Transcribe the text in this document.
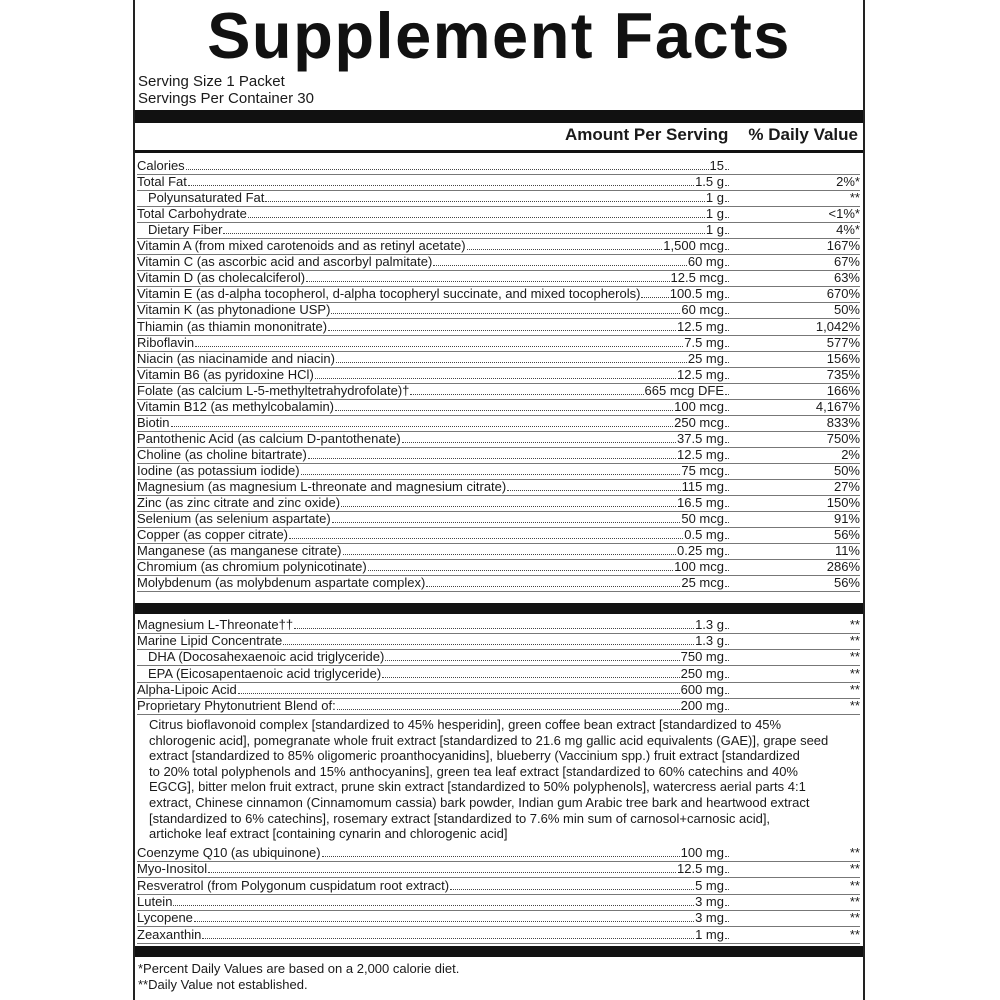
Supplement Facts
Serving Size 1 Packet
Servings Per Container 30
Amount Per Serving % Daily Value
Calories	15
Total Fat	1.5 g	2%*
Polyunsaturated Fat	1 g	**
Total Carbohydrate	1 g	<1%*
Dietary Fiber	1 g	4%*
Vitamin A (from mixed carotenoids and as retinyl acetate)	1,500 mcg	167%
Vitamin C (as ascorbic acid and ascorbyl palmitate)	60 mg	67%
Vitamin D (as cholecalciferol)	12.5 mcg	63%
Vitamin E (as d-alpha tocopherol, d-alpha tocopheryl succinate, and mixed tocopherols) 100.5 mg	670%
Vitamin K (as phytonadione USP)	60 mcg	50%
Thiamin (as thiamin mononitrate)	12.5 mg	1,042%
Riboflavin	7.5 mg	577%
Niacin (as niacinamide and niacin)	25 mg	156%
Vitamin B6 (as pyridoxine HCl)	12.5 mg	735%
Folate (as calcium L-5-methyltetrahydrofolate)†	665 mcg DFE	166%
Vitamin B12 (as methylcobalamin)	100 mcg	4,167%
Biotin	250 mcg	833%
Pantothenic Acid (as calcium D-pantothenate)	37.5 mg	750%
Choline (as choline bitartrate)	12.5 mg	2%
Iodine (as potassium iodide)	75 mcg	50%
Magnesium (as magnesium L-threonate and magnesium citrate)	115 mg	27%
Zinc (as zinc citrate and zinc oxide)	16.5 mg	150%
Selenium (as selenium aspartate)	50 mcg	91%
Copper (as copper citrate)	0.5 mg	56%
Manganese (as manganese citrate)	0.25 mg	11%
Chromium (as chromium polynicotinate)	100 mcg	286%
Molybdenum (as molybdenum aspartate complex)	25 mcg	56%
Magnesium L-Threonate††	1.3 g	**
Marine Lipid Concentrate	1.3 g	**
DHA (Docosahexaenoic acid triglyceride)	750 mg	**
EPA (Eicosapentaenoic acid triglyceride)	250 mg	**
Alpha-Lipoic Acid	600 mg	**
Proprietary Phytonutrient Blend of:	200 mg	**
Citrus bioflavonoid complex [standardized to 45% hesperidin], green coffee bean extract [standardized to 45%
chlorogenic acid], pomegranate whole fruit extract [standardized to 21.6 mg gallic acid equivalents (GAE)], grape seed
extract [standardized to 85% oligomeric proanthocyanidins], blueberry (Vaccinium spp.) fruit extract [standardized
to 20% total polyphenols and 15% anthocyanins], green tea leaf extract [standardized to 60% catechins and 40%
EGCG], bitter melon fruit extract, prune skin extract [standardized to 50% polyphenols], watercress aerial parts 4:1
extract, Chinese cinnamon (Cinnamomum cassia) bark powder, Indian gum Arabic tree bark and heartwood extract
[standardized to 6% catechins], rosemary extract [standardized to 7.6% min sum of carnosol+carnosic acid],
artichoke leaf extract [containing cynarin and chlorogenic acid]
Coenzyme Q10 (as ubiquinone)	100 mg	**
Myo-Inositol	12.5 mg	**
Resveratrol (from Polygonum cuspidatum root extract)	5 mg	**
Lutein	3 mg	**
Lycopene	3 mg	**
Zeaxanthin	1 mg	**
*Percent Daily Values are based on a 2,000 calorie diet.
**Daily Value not established.
